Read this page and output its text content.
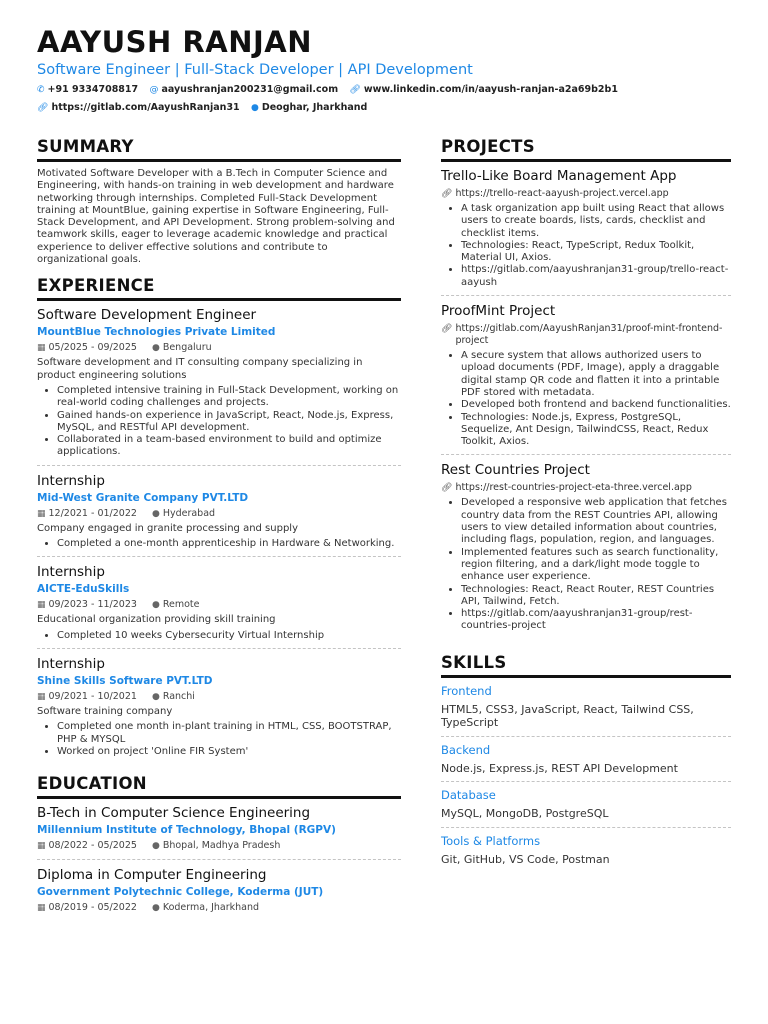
AAYUSH RANJAN
Software Engineer | Full-Stack Developer | API Development
✆ +91 9334708817 @ aayushranjan200231@gmail.com 🔗︎ www.linkedin.com/in/aayush-ranjan-a2a69b2b1
🔗︎ https://gitlab.com/AayushRanjan31 ● Deoghar, Jharkhand
SUMMARY

Motivated Software Developer with a B.Tech in Computer Science and Engineering, with hands-on training in web development and hardware networking through internships. Completed Full-Stack Development training at MountBlue, gaining expertise in Software Engineering, Full-Stack Development, and API Development. Strong problem-solving and teamwork skills, eager to leverage academic knowledge and practical experience to deliver effective solutions and contribute to organizational goals.

EXPERIENCE
Software Development Engineer
MountBlue Technologies Private Limited
▦ 05/2025 - 09/2025 ● Bengaluru
Software development and IT consulting company specializing in product engineering solutions
• Completed intensive training in Full-Stack Development, working on real-world coding challenges and projects.
• Gained hands-on experience in JavaScript, React, Node.js, Express, MySQL, and RESTful API development.
• Collaborated in a team-based environment to build and optimize applications.
Internship
Mid-West Granite Company PVT.LTD
▦ 12/2021 - 01/2022 ● Hyderabad
Company engaged in granite processing and supply
• Completed a one-month apprenticeship in Hardware & Networking.
Internship
AICTE-EduSkills
▦ 09/2023 - 11/2023 ● Remote
Educational organization providing skill training
• Completed 10 weeks Cybersecurity Virtual Internship
Internship
Shine Skills Software PVT.LTD
▦ 09/2021 - 10/2021 ● Ranchi
Software training company
• Completed one month in-plant training in HTML, CSS, BOOTSTRAP, PHP & MYSQL
• Worked on project 'Online FIR System'
EDUCATION
B-Tech in Computer Science Engineering
Millennium Institute of Technology, Bhopal (RGPV)
▦ 08/2022 - 05/2025 ● Bhopal, Madhya Pradesh
Diploma in Computer Engineering
Government Polytechnic College, Koderma (JUT)
▦ 08/2019 - 05/2022 ● Koderma, Jharkhand
PROJECTS
Trello-Like Board Management App
🔗︎ https://trello-react-aayush-project.vercel.app
• A task organization app built using React that allows users to create boards, lists, cards, checklist and checklist items.
• Technologies: React, TypeScript, Redux Toolkit, Material UI, Axios.
• https://gitlab.com/aayushranjan31-group/trello-react-aayush
ProofMint Project
🔗︎ https://gitlab.com/AayushRanjan31/proof-mint-frontend-project
• A secure system that allows authorized users to upload documents (PDF, Image), apply a draggable digital stamp QR code and flatten it into a printable PDF stored with metadata.
• Developed both frontend and backend functionalities.
• Technologies: Node.js, Express, PostgreSQL, Sequelize, Ant Design, TailwindCSS, React, Redux Toolkit, Axios.
Rest Countries Project
🔗︎ https://rest-countries-project-eta-three.vercel.app
• Developed a responsive web application that fetches country data from the REST Countries API, allowing users to view detailed information about countries, including flags, population, region, and languages.
• Implemented features such as search functionality, region filtering, and a dark/light mode toggle to enhance user experience.
• Technologies: React, React Router, REST Countries API, Tailwind, Fetch.
• https://gitlab.com/aayushranjan31-group/rest-countries-project
SKILLS
Frontend
HTML5, CSS3, JavaScript, React, Tailwind CSS, TypeScript
Backend
Node.js, Express.js, REST API Development
Database
MySQL, MongoDB, PostgreSQL
Tools & Platforms
Git, GitHub, VS Code, Postman
